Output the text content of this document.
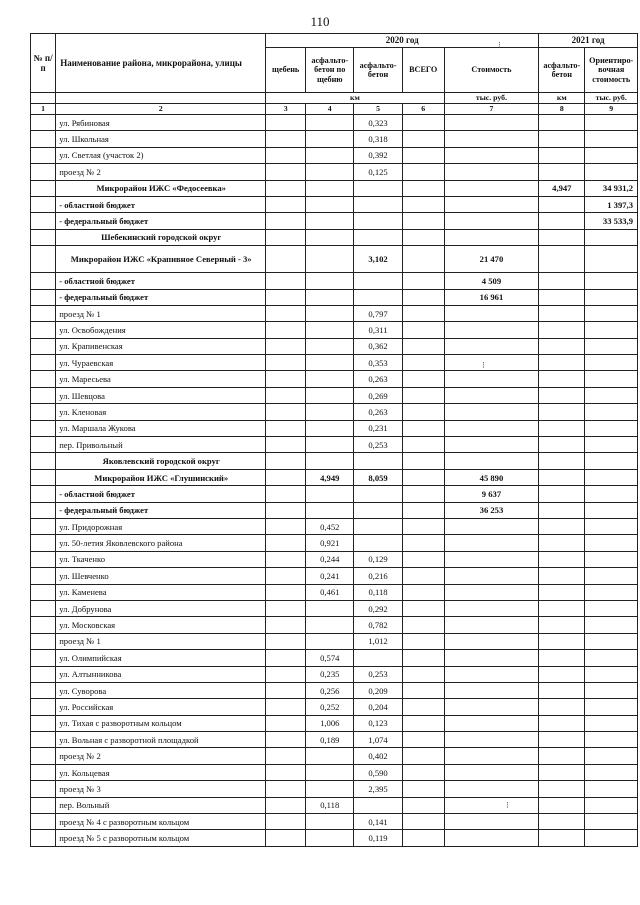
110
№ п/п	Наименование района, микрорайона, улицы	2020 год					2021 год	
		щебень	асфальто-бетон по щебню	асфальто-бетон	ВСЕГО	Стоимость	асфальто-бетон	Ориентиро-вочная стоимость
		км				тыс. руб.	км	тыс. руб.
1	2	3	4	5	6	7	8	9
	ул. Рябиновая			0,323				
	ул. Школьная			0,318				
	ул. Светлая (участок 2)			0,392				
	проезд № 2			0,125				
	Микрорайон ИЖС «Федосеевка»						4,947	34 931,2
	- областной бюджет							1 397,3
	- федеральный бюджет							33 533,9
	Шебекинский городской округ							
	Микрорайон ИЖС «Крапивное Северный - 3»			3,102		21 470		
	- областной бюджет					4 509		
	- федеральный бюджет					16 961		
	проезд № 1			0,797				
	ул. Освобождения			0,311				
	ул. Крапивенская			0,362				
	ул. Чураевская			0,353				
	ул. Маресьева			0,263				
	ул. Шевцова			0,269				
	ул. Кленовая			0,263				
	ул. Маршала Жукова			0,231				
	пер. Привольный			0,253				
	Яковлевский городской округ							
	Микрорайон ИЖС «Глушинский»		4,949	8,059		45 890		
	- областной бюджет					9 637		
	- федеральный бюджет					36 253		
	ул. Придорожная		0,452					
	ул. 50-летия Яковлевского района		0,921					
	ул. Ткаченко		0,244	0,129				
	ул. Шевченко		0,241	0,216				
	ул. Каменева		0,461	0,118				
	ул. Добрунова			0,292				
	ул. Московская			0,782				
	проезд № 1			1,012				
	ул. Олимпийская		0,574					
	ул. Алтынникова		0,235	0,253				
	ул. Суворова		0,256	0,209				
	ул. Российская		0,252	0,204				
	ул. Тихая с разворотным кольцом		1,006	0,123				
	ул. Вольная с разворотной площадкой		0,189	1,074				
	проезд № 2			0,402				
	ул. Кольцевая			0,590				
	проезд № 3			2,395				
	пер. Вольный		0,118					
	проезд № 4 с разворотным кольцом			0,141				
	проезд № 5 с разворотным кольцом			0,119				
⁝
⁝
⁝
